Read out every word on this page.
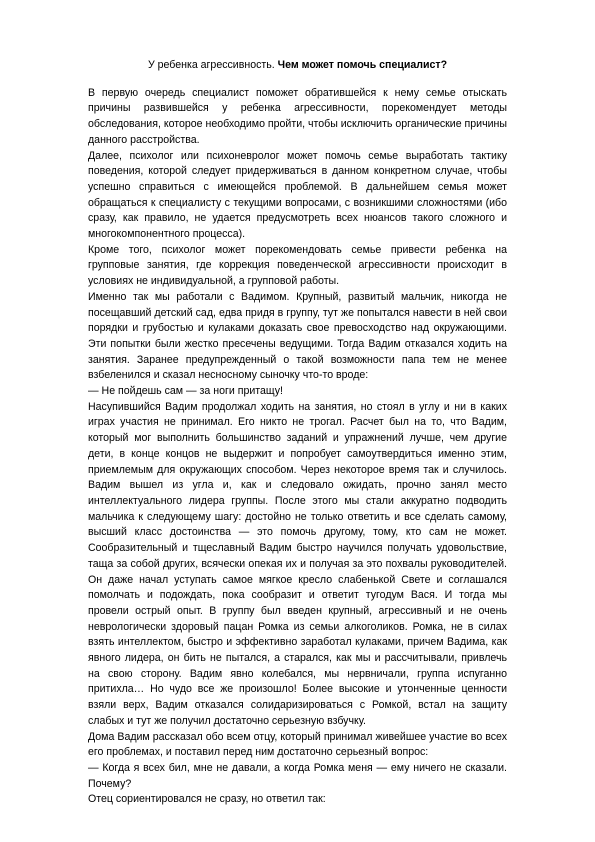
У ребенка агрессивность. Чем может помочь специалист?

В первую очередь специалист поможет обратившейся к нему семье отыскать причины развившейся у ребенка агрессивности, порекомендует методы обследования, которое необходимо пройти, чтобы исключить органические причины данного расстройства.

Далее, психолог или психоневролог может помочь семье выработать тактику поведения, которой следует придерживаться в данном конкретном случае, чтобы успешно справиться с имеющейся проблемой. В дальнейшем семья может обращаться к специалисту с текущими вопросами, с возникшими сложностями (ибо сразу, как правило, не удается предусмотреть всех нюансов такого сложного и многокомпонентного процесса).

Кроме того, психолог может порекомендовать семье привести ребенка на групповые занятия, где коррекция поведенческой агрессивности происходит в условиях не индивидуальной, а групповой работы.

Именно так мы работали с Вадимом. Крупный, развитый мальчик, никогда не посещавший детский сад, едва придя в группу, тут же попытался навести в ней свои порядки и грубостью и кулаками доказать свое превосходство над окружающими. Эти попытки были жестко пресечены ведущими. Тогда Вадим отказался ходить на занятия. Заранее предупрежденный о такой возможности папа тем не менее взбеленился и сказал несносному сыночку что-то вроде:

— Не пойдешь сам — за ноги притащу!

Насупившийся Вадим продолжал ходить на занятия, но стоял в углу и ни в каких играх участия не принимал. Его никто не трогал. Расчет был на то, что Вадим, который мог выполнить большинство заданий и упражнений лучше, чем другие дети, в конце концов не выдержит и попробует самоутвердиться именно этим, приемлемым для окружающих способом. Через некоторое время так и случилось. Вадим вышел из угла и, как и следовало ожидать, прочно занял место интеллектуального лидера группы. После этого мы стали аккуратно подводить мальчика к следующему шагу: достойно не только ответить и все сделать самому, высший класс достоинства — это помочь другому, тому, кто сам не может. Сообразительный и тщеславный Вадим быстро научился получать удовольствие, таща за собой других, всячески опекая их и получая за это похвалы руководителей. Он даже начал уступать самое мягкое кресло слабенькой Свете и соглашался помолчать и подождать, пока сообразит и ответит тугодум Вася. И тогда мы провели острый опыт. В группу был введен крупный, агрессивный и не очень неврологически здоровый пацан Ромка из семьи алкоголиков. Ромка, не в силах взять интеллектом, быстро и эффективно заработал кулаками, причем Вадима, как явного лидера, он бить не пытался, а старался, как мы и рассчитывали, привлечь на свою сторону. Вадим явно колебался, мы нервничали, группа испуганно притихла… Но чудо все же произошло! Более высокие и утонченные ценности взяли верх, Вадим отказался солидаризироваться с Ромкой, встал на защиту слабых и тут же получил достаточно серьезную взбучку.

Дома Вадим рассказал обо всем отцу, который принимал живейшее участие во всех его проблемах, и поставил перед ним достаточно серьезный вопрос:

— Когда я всех бил, мне не давали, а когда Ромка меня — ему ничего не сказали. Почему?

Отец сориентировался не сразу, но ответил так:
